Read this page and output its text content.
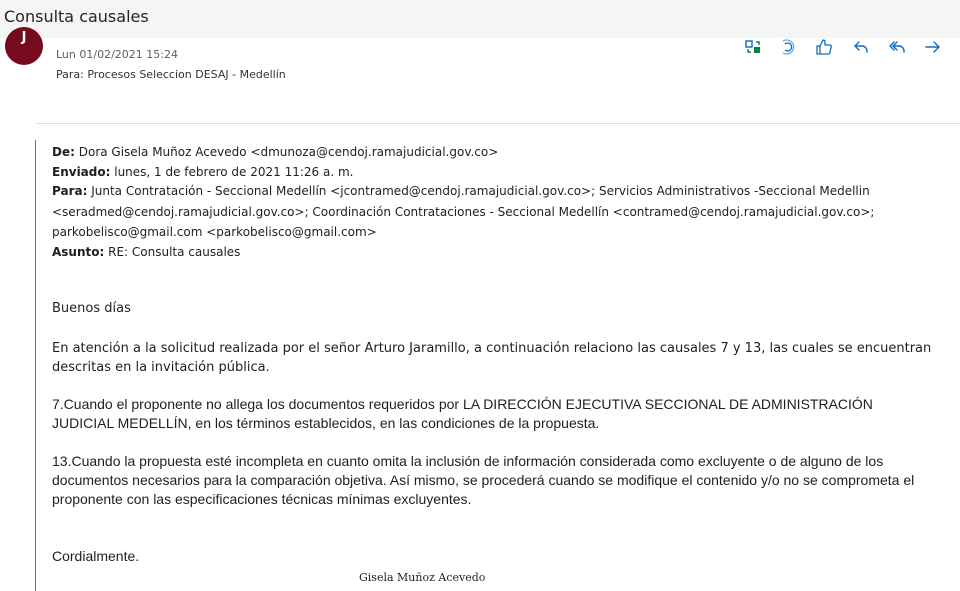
Consulta causales
J
Lun 01/02/2021 15:24
Para: Procesos Seleccion DESAJ - Medellín
De: Dora Gisela Muñoz Acevedo <dmunoza@cendoj.ramajudicial.gov.co>
Enviado: lunes, 1 de febrero de 2021 11:26 a. m.
Para: Junta Contratación - Seccional Medellín <jcontramed@cendoj.ramajudicial.gov.co>; Servicios Administrativos -Seccional Medellin
<seradmed@cendoj.ramajudicial.gov.co>; Coordinación Contrataciones - Seccional Medellín <contramed@cendoj.ramajudicial.gov.co>;
parkobelisco@gmail.com <parkobelisco@gmail.com>
Asunto: RE: Consulta causales
Buenos días
En atención a la solicitud realizada por el señor Arturo Jaramillo, a continuación relaciono las causales 7 y 13, las cuales se encuentran
descritas en la invitación pública.
7.Cuando el proponente no allega los documentos requeridos por LA DIRECCIÓN EJECUTIVA SECCIONAL DE ADMINISTRACIÓN
JUDICIAL MEDELLÍN, en los términos establecidos, en las condiciones de la propuesta.
13.Cuando la propuesta esté incompleta en cuanto omita la inclusión de información considerada como excluyente o de alguno de los
documentos necesarios para la comparación objetiva. Así mismo, se procederá cuando se modifique el contenido y/o no se comprometa el
proponente con las especificaciones técnicas mínimas excluyentes.
Cordialmente.
Gisela Muñoz Acevedo
